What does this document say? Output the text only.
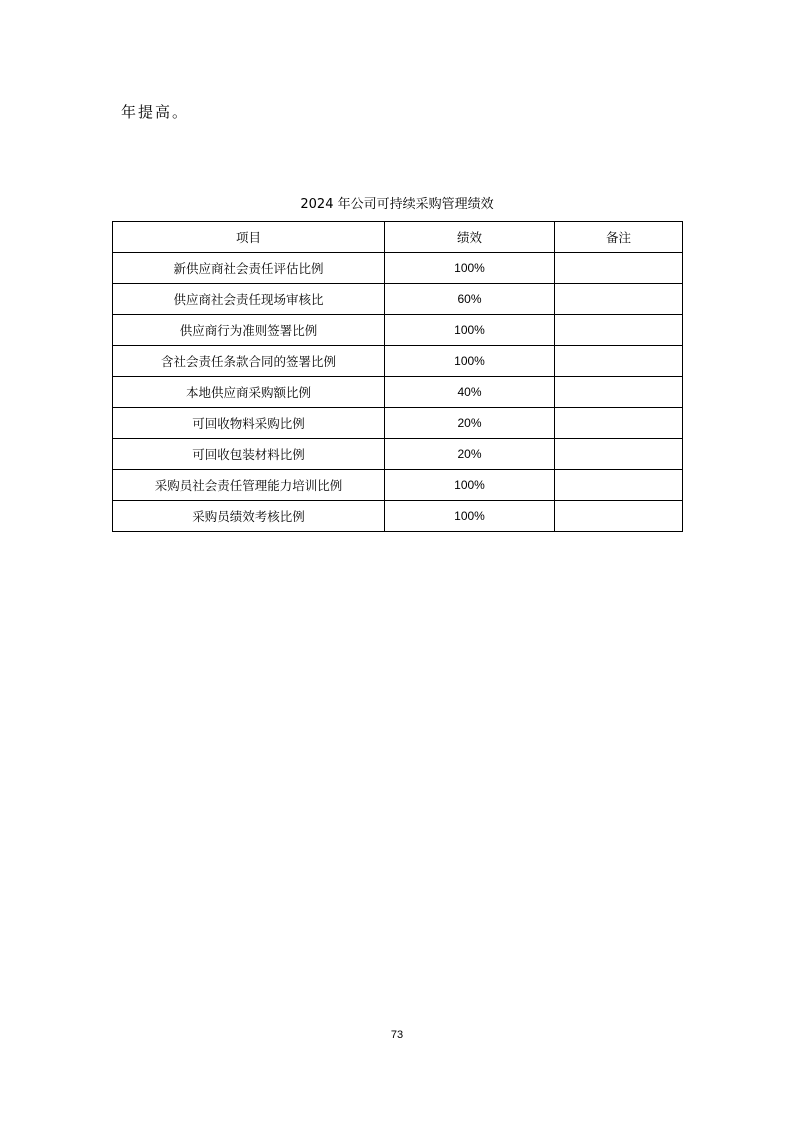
年提高。
2024 年公司可持续采购管理绩效
项目	绩效	备注
新供应商社会责任评估比例	100%	
供应商社会责任现场审核比	60%	
供应商行为准则签署比例	100%	
含社会责任条款合同的签署比例	100%	
本地供应商采购额比例	40%	
可回收物料采购比例	20%	
可回收包装材料比例	20%	
采购员社会责任管理能力培训比例	100%	
采购员绩效考核比例	100%	
73
